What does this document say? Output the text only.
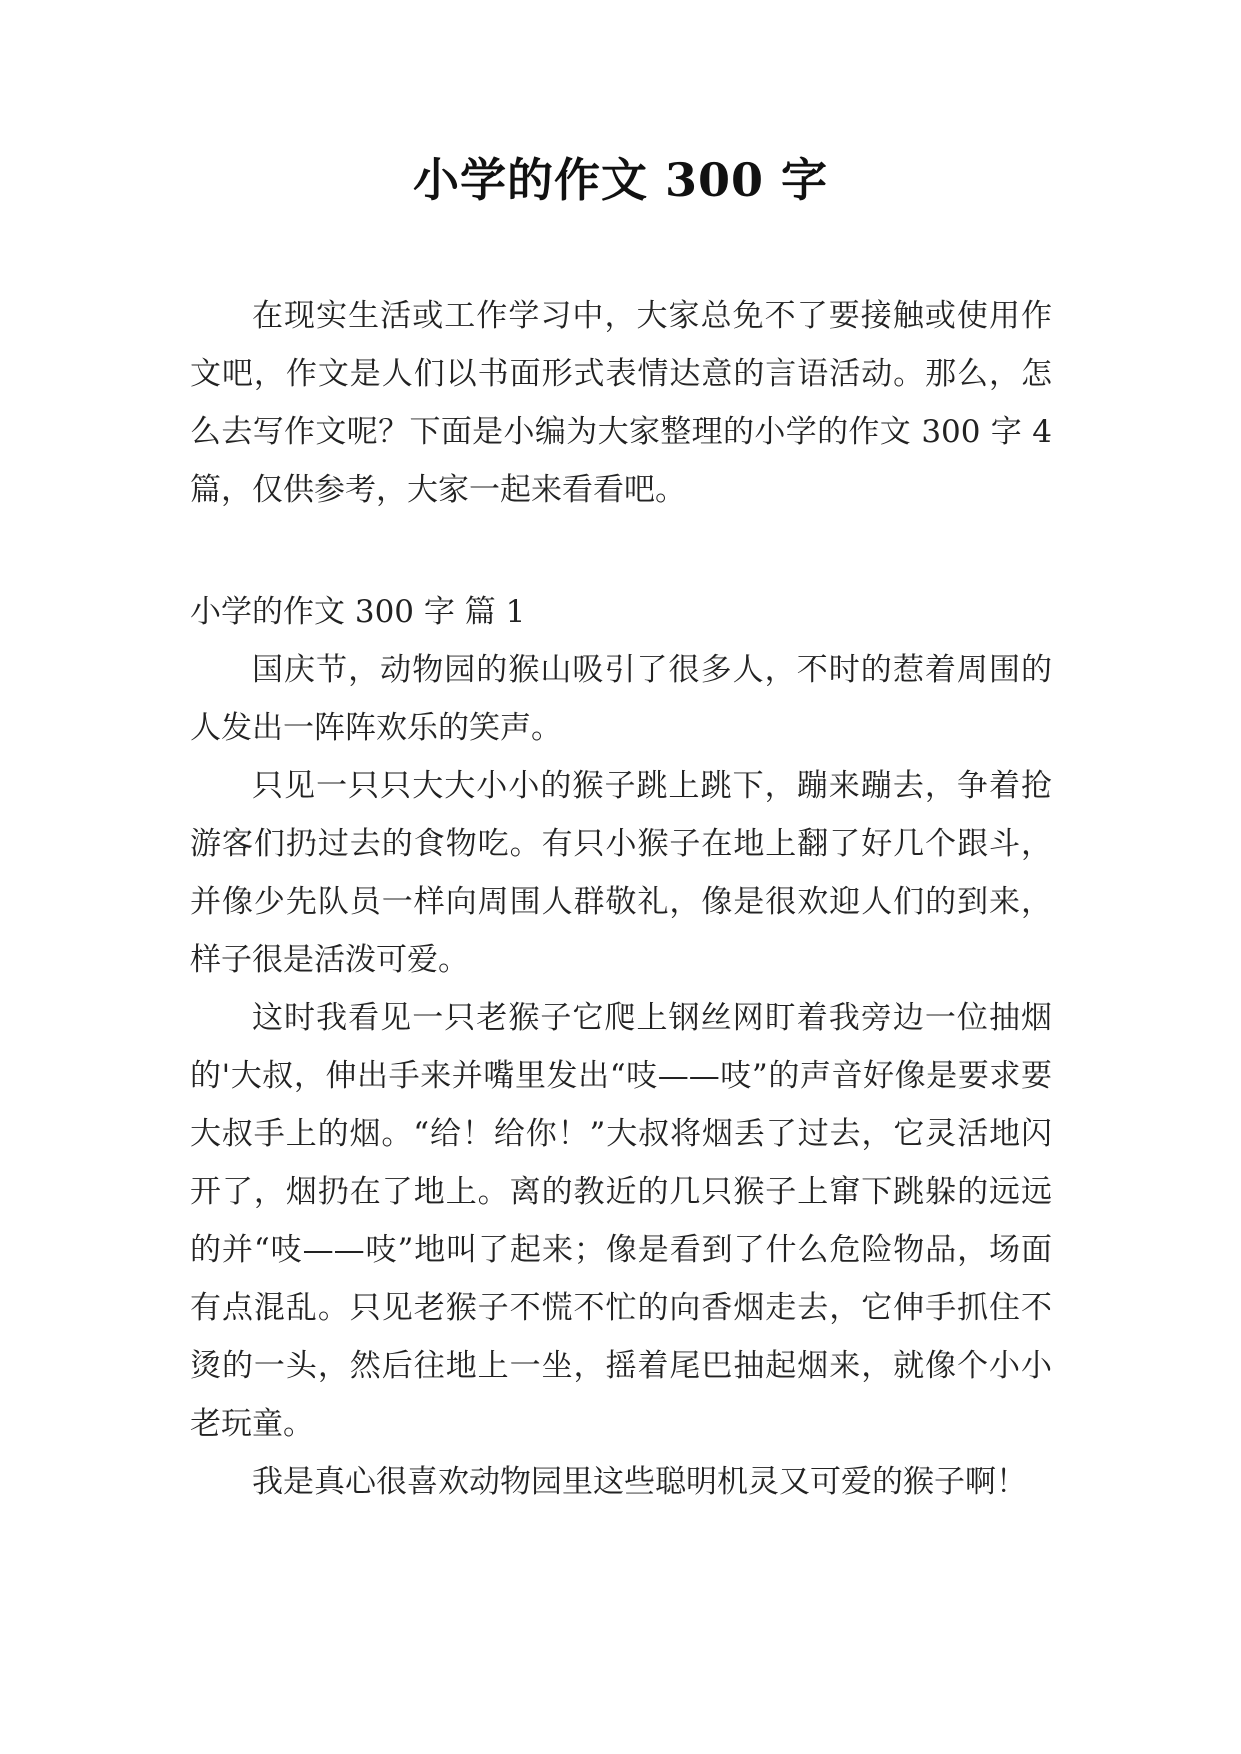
小学的作文 300 字

在现实生活或工作学习中，大家总免不了要接触或使用作文吧，作文是人们以书面形式表情达意的言语活动。那么，怎么去写作文呢？下面是小编为大家整理的小学的作文 300 字 4 篇，仅供参考，大家一起来看看吧。

小学的作文 300 字 篇 1

国庆节，动物园的猴山吸引了很多人，不时的惹着周围的人发出一阵阵欢乐的笑声。

只见一只只大大小小的猴子跳上跳下，蹦来蹦去，争着抢游客们扔过去的食物吃。有只小猴子在地上翻了好几个跟斗，并像少先队员一样向周围人群敬礼，像是很欢迎人们的到来，样子很是活泼可爱。

这时我看见一只老猴子它爬上钢丝网盯着我旁边一位抽烟的'大叔，伸出手来并嘴里发出“吱——吱”的声音好像是要求要大叔手上的烟。“给！给你！”大叔将烟丢了过去，它灵活地闪开了，烟扔在了地上。离的教近的几只猴子上窜下跳躲的远远的并“吱——吱”地叫了起来；像是看到了什么危险物品，场面有点混乱。只见老猴子不慌不忙的向香烟走去，它伸手抓住不烫的一头，然后往地上一坐，摇着尾巴抽起烟来，就像个小小老玩童。

我是真心很喜欢动物园里这些聪明机灵又可爱的猴子啊！
